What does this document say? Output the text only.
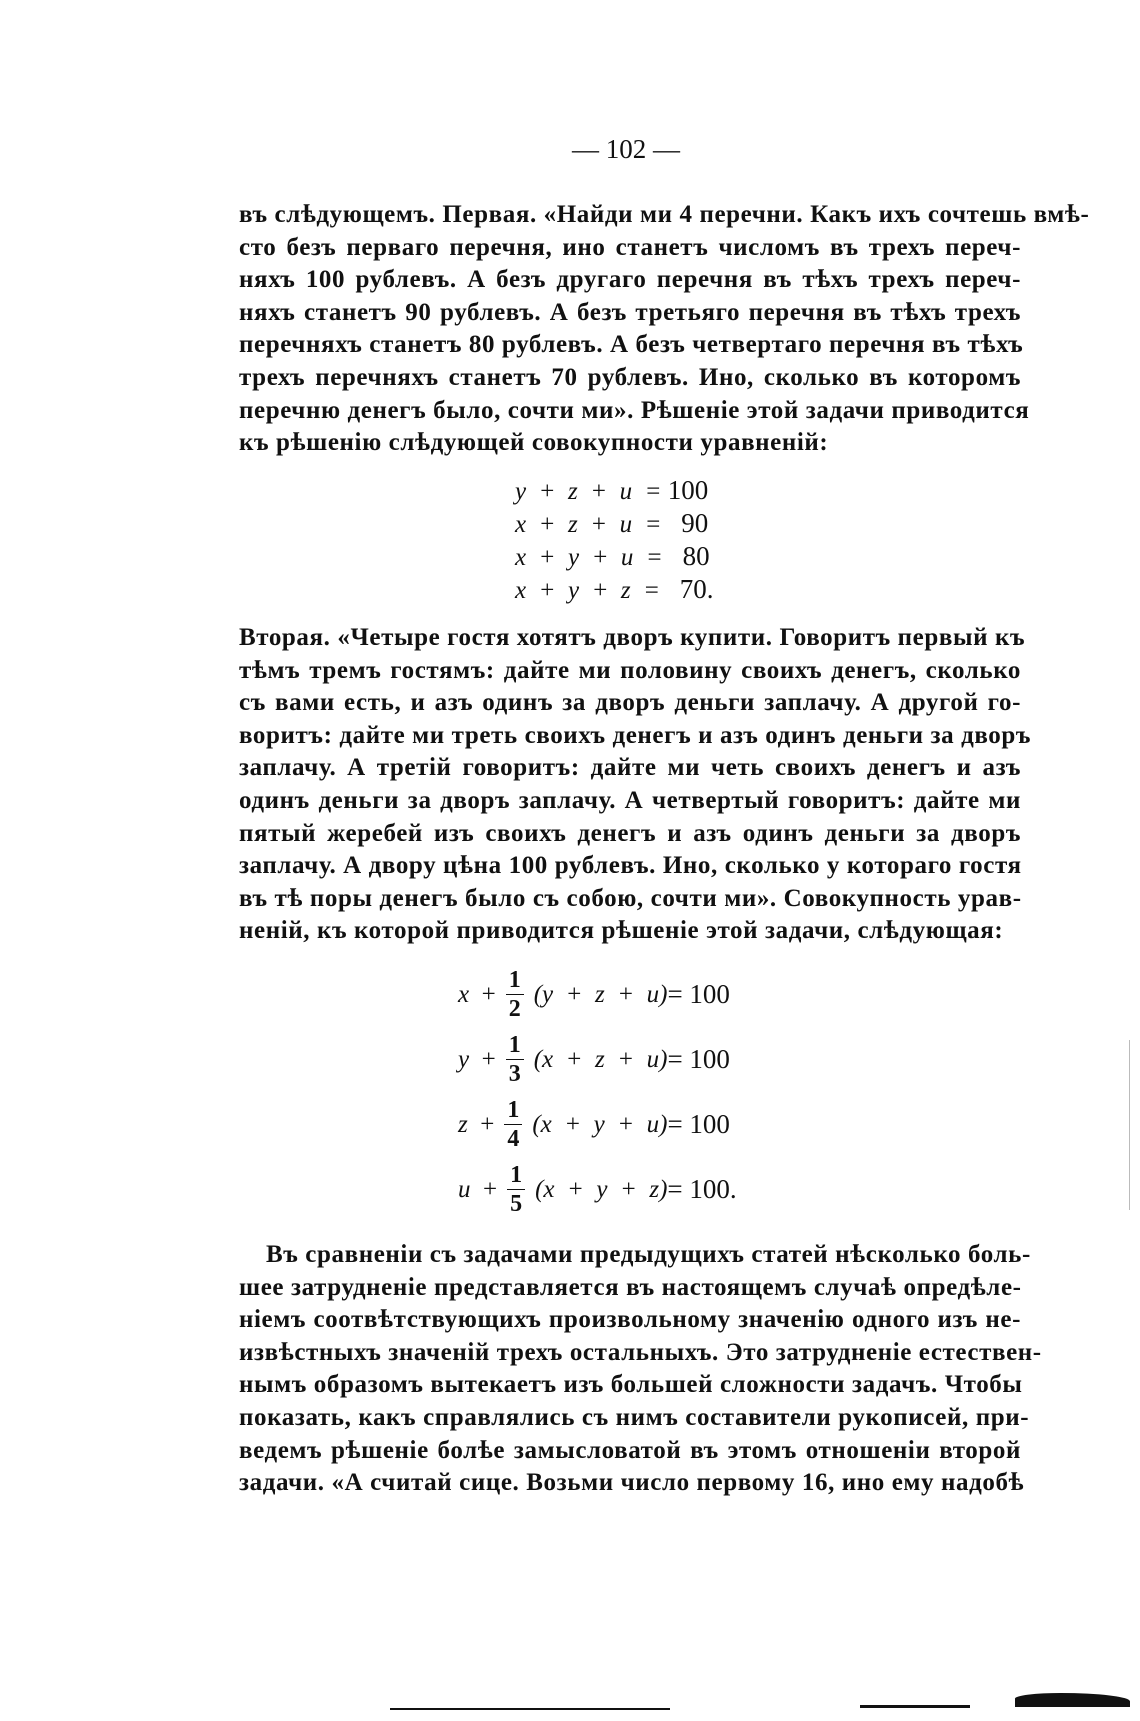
— 102 —
въ слѣдующемъ. Первая. «Найди ми 4 перечни. Какъ ихъ сочтешь вмѣ-
сто безъ перваго перечня, ино станетъ числомъ въ трехъ переч-
няхъ 100 рублевъ. А безъ другаго перечня въ тѣхъ трехъ переч-
няхъ станетъ 90 рублевъ. А безъ третьяго перечня въ тѣхъ трехъ
перечняхъ станетъ 80 рублевъ. А безъ четвертаго перечня въ тѣхъ
трехъ перечняхъ станетъ 70 рублевъ. Ино, сколько въ которомъ
перечню денегъ было, сочти ми». Рѣшеніе этой задачи приводится
къ рѣшенію слѣдующей совокупности уравненій:
y  +  z  +  u  = 100
x  +  z  +  u  =   90
x  +  y  +  u  =   80
x  +  y  +  z  =   70.
Вторая. «Четыре гостя хотятъ дворъ купити. Говоритъ первый къ
тѣмъ тремъ гостямъ: дайте ми половину своихъ денегъ, сколько
съ вами есть, и азъ одинъ за дворъ деньги заплачу. А другой го-
воритъ: дайте ми треть своихъ денегъ и азъ одинъ деньги за дворъ
заплачу. А третій говоритъ: дайте ми четь своихъ денегъ и азъ
одинъ деньги за дворъ заплачу. А четвертый говоритъ: дайте ми
пятый жеребей изъ своихъ денегъ и азъ одинъ деньги за дворъ
заплачу. А двору цѣна 100 рублевъ. Ино, сколько у котораго гостя
въ тѣ поры денегъ было съ собою, сочти ми». Совокупность урав-
неній, къ которой приводится рѣшеніе этой задачи, слѣдующая:
$x + \frac{1}{2} (y + z + u) = 100$
$y + \frac{1}{3} (x + z + u) = 100$
$z + \frac{1}{4} (x + y + u) = 100$
$u + \frac{1}{5} (x + y + z) = 100$.
Въ сравненіи съ задачами предыдущихъ статей нѣсколько боль-
шее затрудненіе представляется въ настоящемъ случаѣ опредѣле-
ніемъ соотвѣтствующихъ произвольному значенію одного изъ не-
извѣстныхъ значеній трехъ остальныхъ. Это затрудненіе естествен-
нымъ образомъ вытекаетъ изъ большей сложности задачъ. Чтобы
показать, какъ справлялись съ нимъ составители рукописей, при-
ведемъ рѣшеніе болѣе замысловатой въ этомъ отношеніи второй
задачи. «А считай сице. Возьми число первому 16, ино ему надобѣ
